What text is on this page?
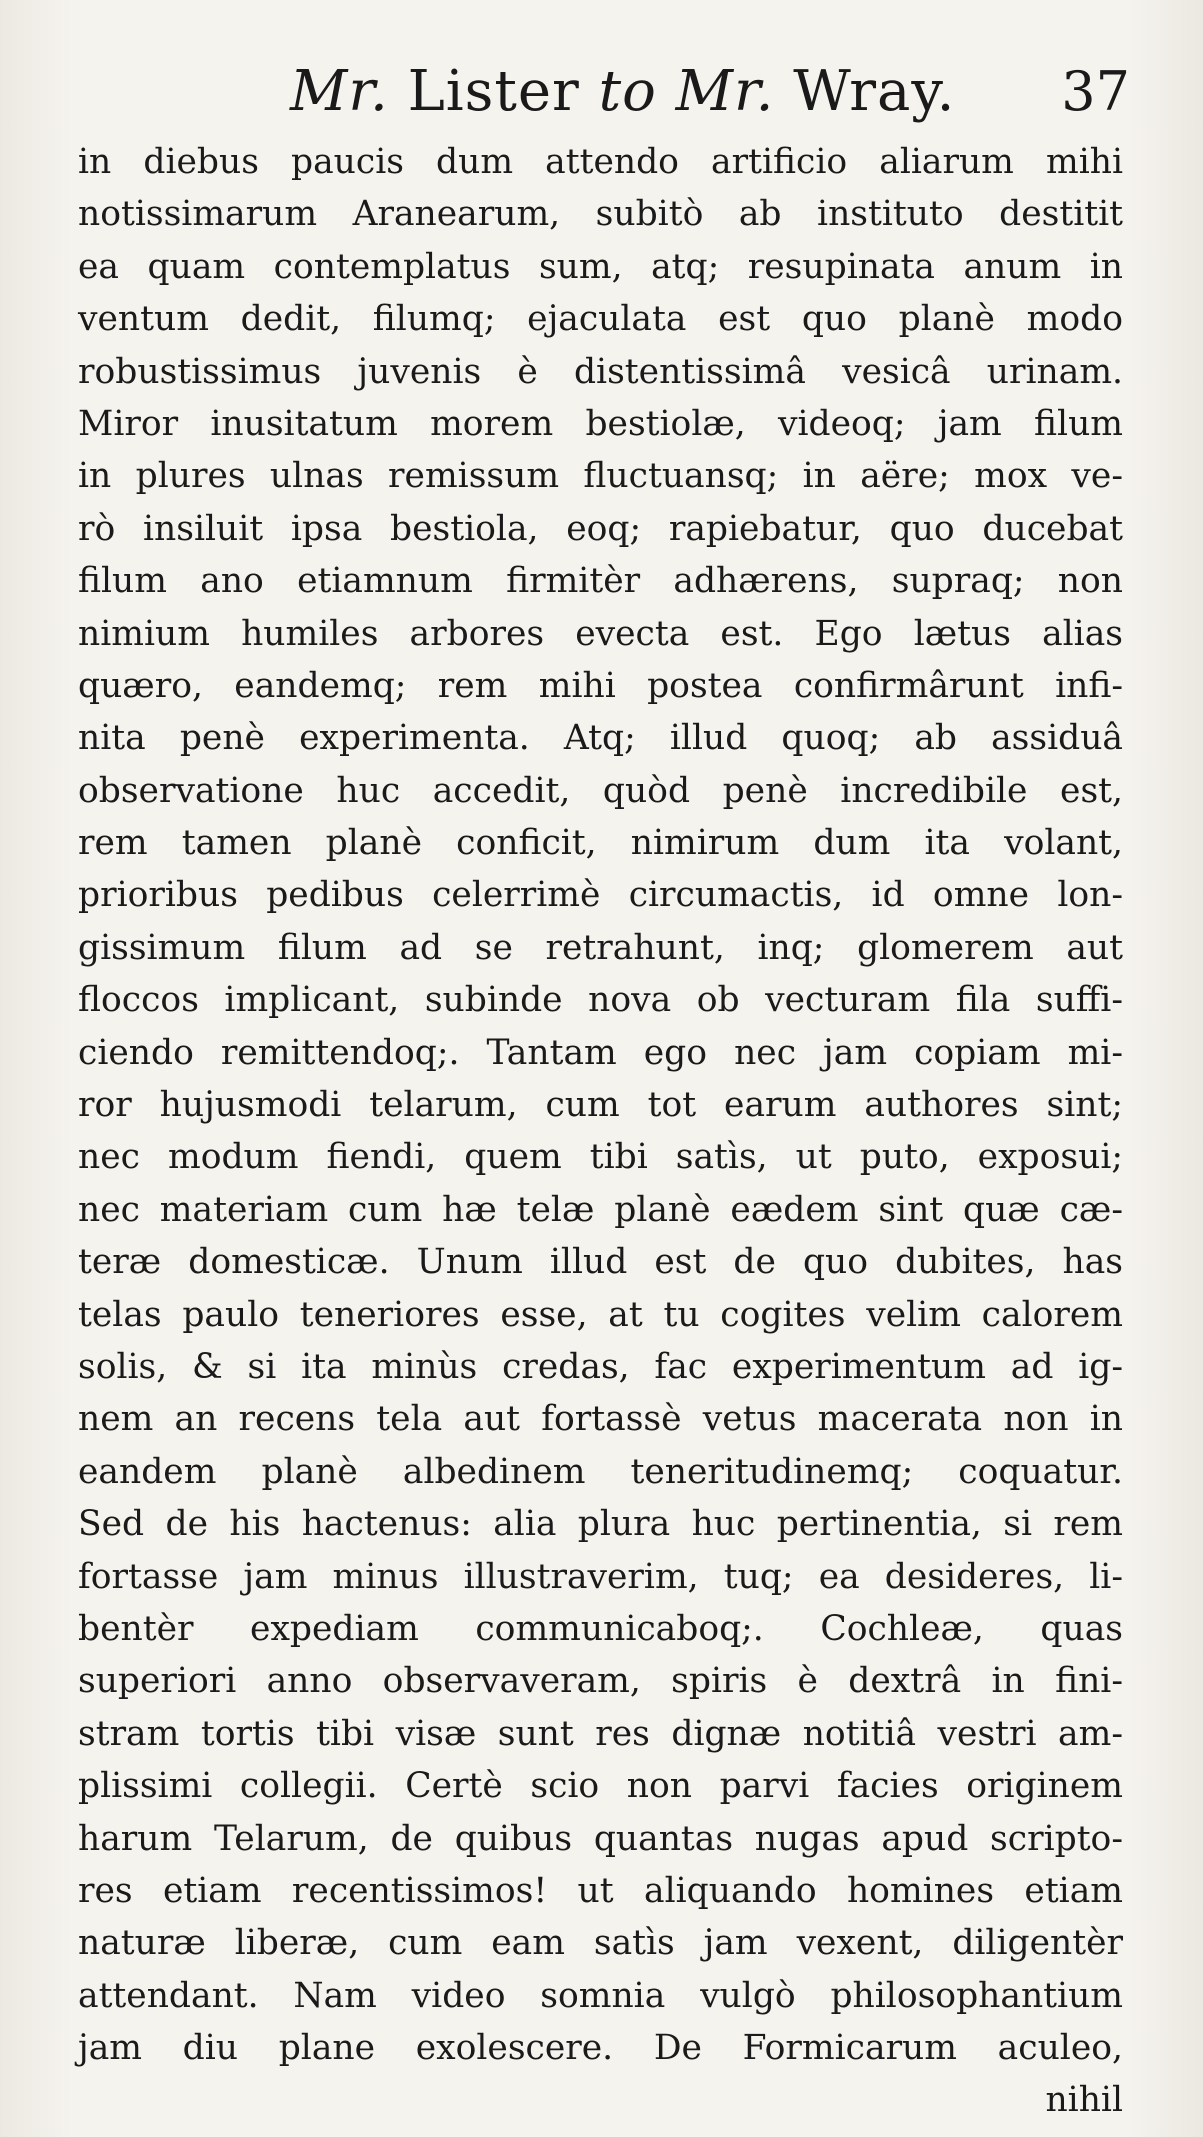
Mr. Lister to Mr. Wray. 37
in diebus paucis dum attendo artificio aliarum mihi
notissimarum Aranearum, subitò ab instituto destitit
ea quam contemplatus sum, atq; resupinata anum in
ventum dedit, filumq; ejaculata est quo planè modo
robustissimus juvenis è distentissimâ vesicâ urinam.
Miror inusitatum morem bestiolæ, videoq; jam filum
in plures ulnas remissum fluctuansq; in aëre; mox ve-
rò insiluit ipsa bestiola, eoq; rapiebatur, quo ducebat
filum ano etiamnum firmitèr adhærens, supraq; non
nimium humiles arbores evecta est. Ego lætus alias
quæro, eandemq; rem mihi postea confirmârunt infi-
nita penè experimenta. Atq; illud quoq; ab assiduâ
observatione huc accedit, quòd penè incredibile est,
rem tamen planè conficit, nimirum dum ita volant,
prioribus pedibus celerrimè circumactis, id omne lon-
gissimum filum ad se retrahunt, inq; glomerem aut
floccos implicant, subinde nova ob vecturam fila suffi-
ciendo remittendoq;. Tantam ego nec jam copiam mi-
ror hujusmodi telarum, cum tot earum authores sint;
nec modum fiendi, quem tibi satìs, ut puto, exposui;
nec materiam cum hæ telæ planè eædem sint quæ cæ-
teræ domesticæ. Unum illud est de quo dubites, has
telas paulo teneriores esse, at tu cogites velim calorem
solis, & si ita minùs credas, fac experimentum ad ig-
nem an recens tela aut fortassè vetus macerata non in
eandem planè albedinem teneritudinemq; coquatur.
Sed de his hactenus: alia plura huc pertinentia, si rem
fortasse jam minus illustraverim, tuq; ea desideres, li-
bentèr expediam communicaboq;. Cochleæ, quas
superiori anno observaveram, spiris è dextrâ in fini-
stram tortis tibi visæ sunt res dignæ notitiâ vestri am-
plissimi collegii. Certè scio non parvi facies originem
harum Telarum, de quibus quantas nugas apud scripto-
res etiam recentissimos! ut aliquando homines etiam
naturæ liberæ, cum eam satìs jam vexent, diligentèr
attendant. Nam video somnia vulgò philosophantium
jam diu plane exolescere. De Formicarum aculeo,
nihil
